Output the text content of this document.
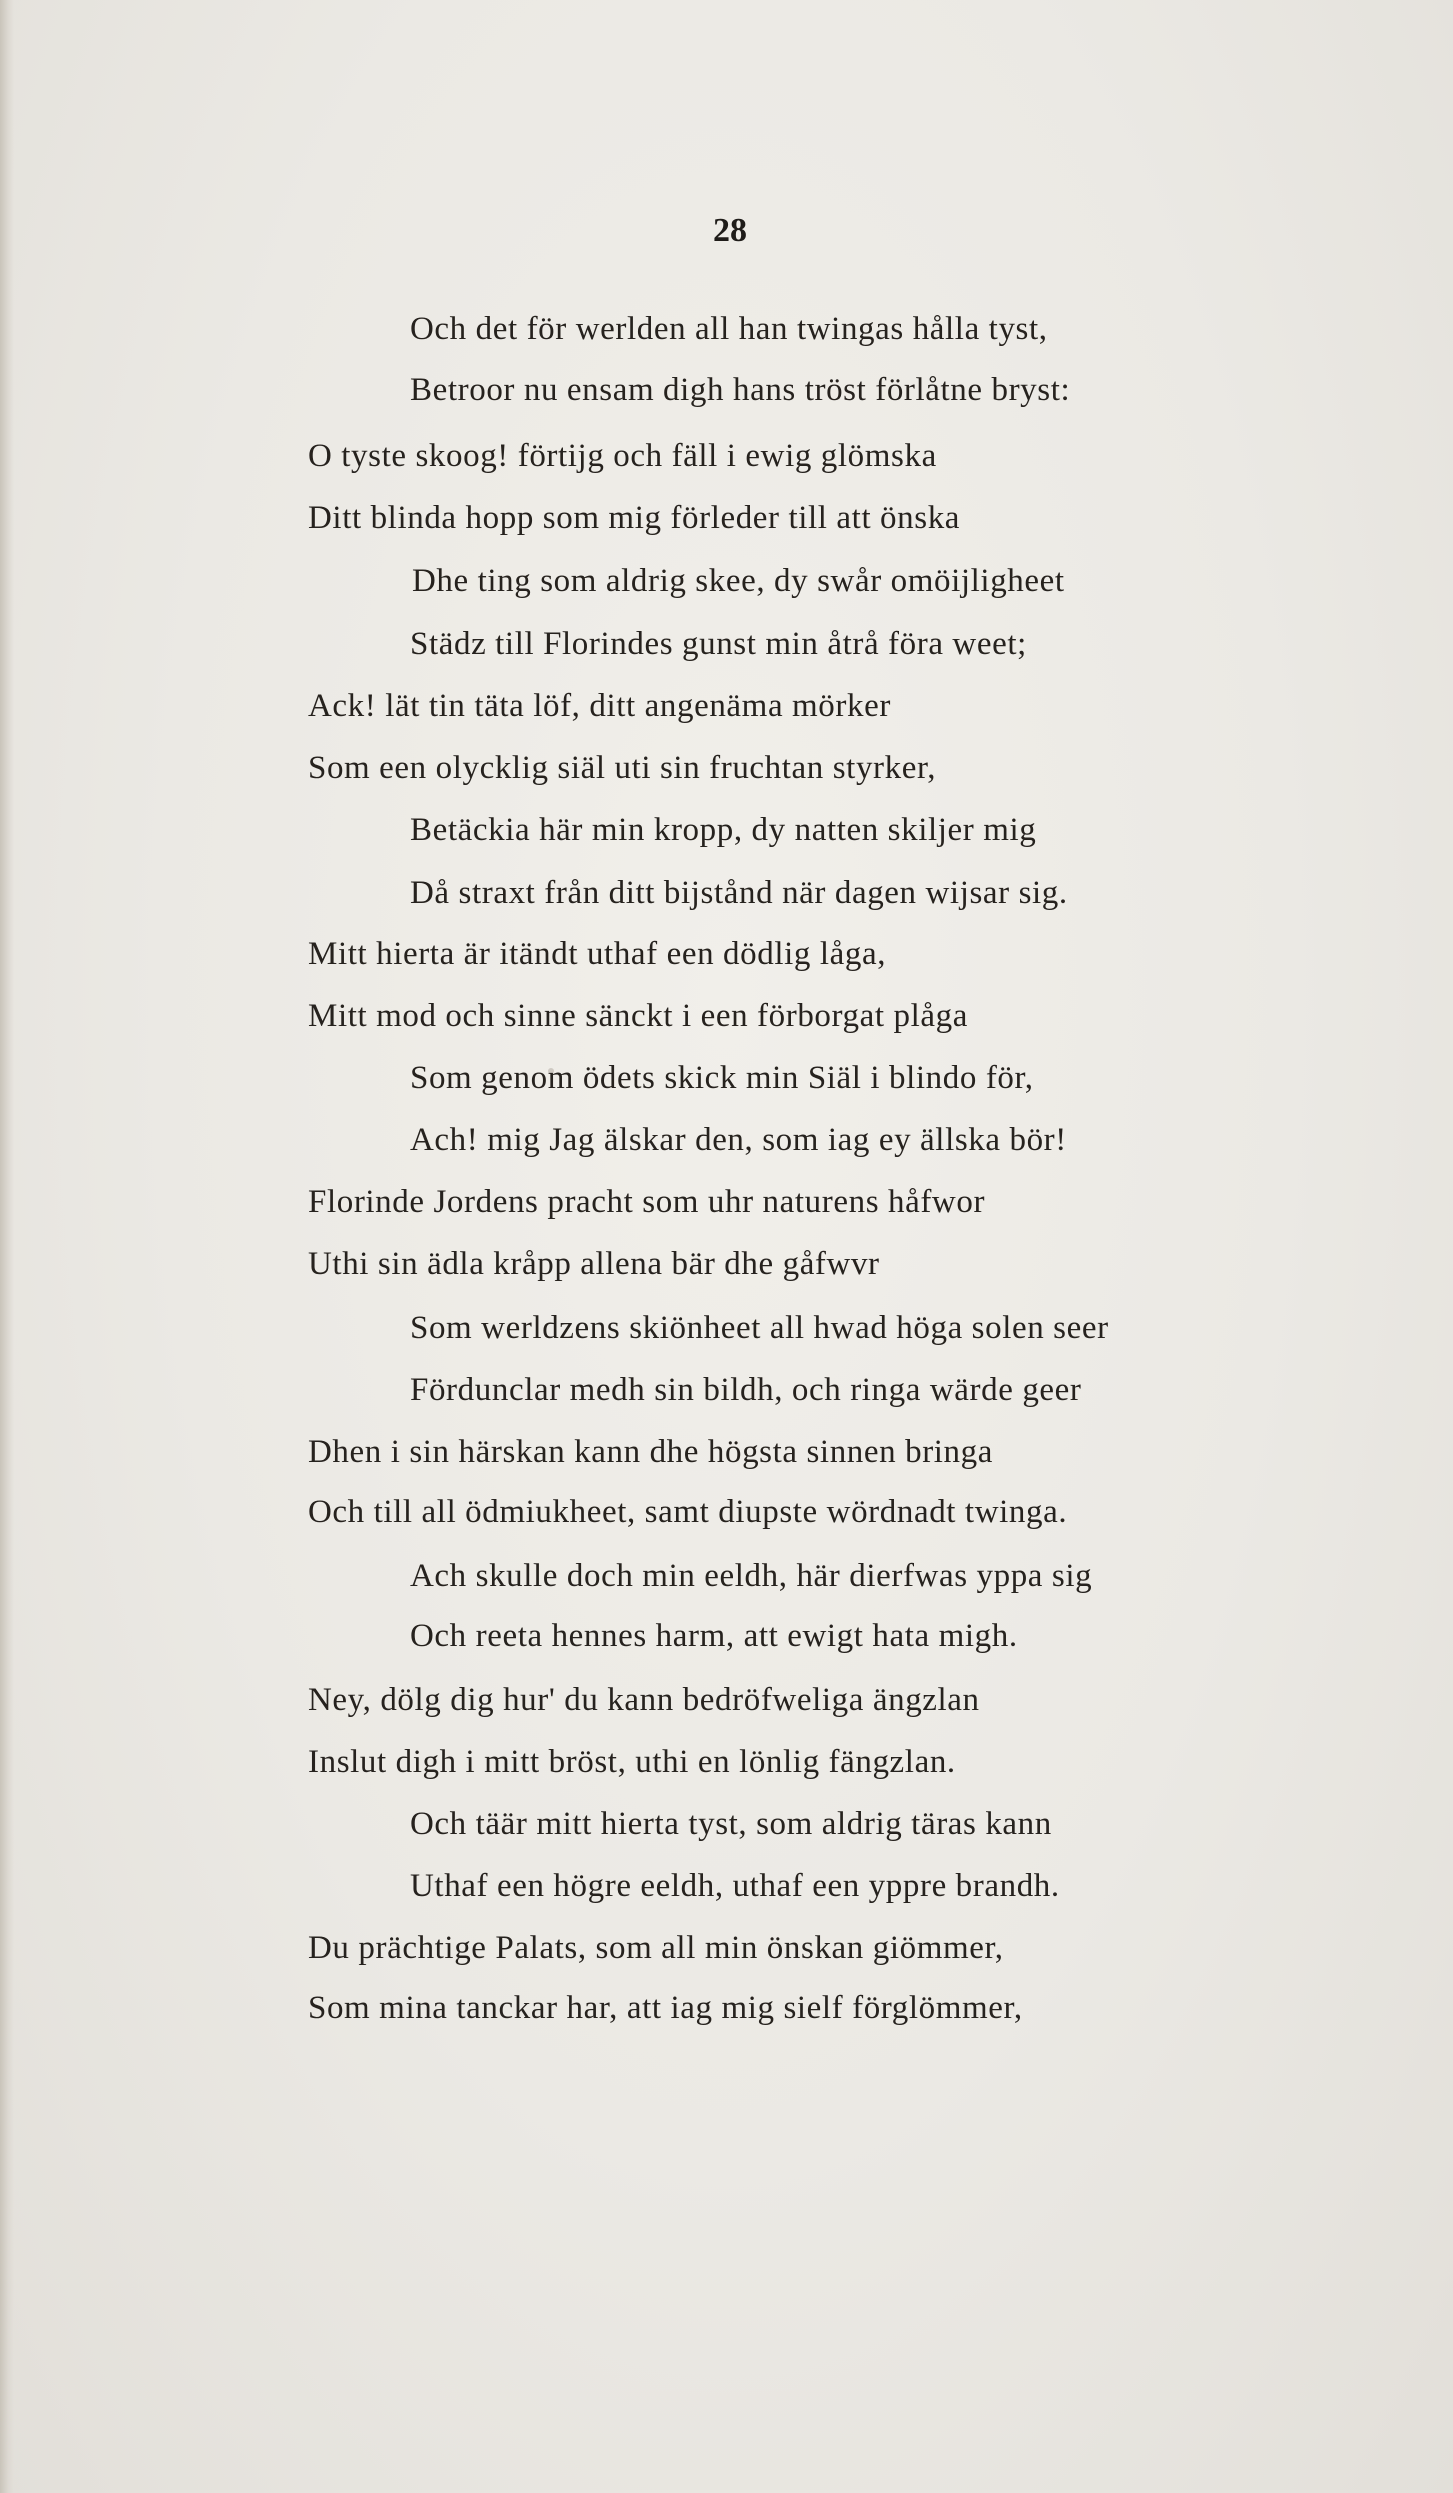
28
Och det för werlden all han twingas hålla tyst,
Betroor nu ensam digh hans tröst förlåtne bryst:
O tyste skoog! förtijg och fäll i ewig glömska
Ditt blinda hopp som mig förleder till att önska
Dhe ting som aldrig skee, dy swår omöijligheet
Städz till Florindes gunst min åtrå föra weet;
Ack! lät tin täta löf, ditt angenäma mörker
Som een olycklig siäl uti sin fruchtan styrker,
Betäckia här min kropp, dy natten skiljer mig
Då straxt från ditt bijstånd när dagen wijsar sig.
Mitt hierta är itändt uthaf een dödlig låga,
Mitt mod och sinne sänckt i een förborgat plåga
Som genom ödets skick min Siäl i blindo för,
Ach! mig Jag älskar den, som iag ey ällska bör!
Florinde Jordens pracht som uhr naturens håfwor
Uthi sin ädla kråpp allena bär dhe gåfwvr
Som werldzens skiönheet all hwad höga solen seer
Fördunclar medh sin bildh, och ringa wärde geer
Dhen i sin härskan kann dhe högsta sinnen bringa
Och till all ödmiukheet, samt diupste wördnadt twinga.
Ach skulle doch min eeldh, här dierfwas yppa sig
Och reeta hennes harm, att ewigt hata migh.
Ney, dölg dig hur' du kann bedröfweliga ängzlan
Inslut digh i mitt bröst, uthi en lönlig fängzlan.
Och täär mitt hierta tyst, som aldrig täras kann
Uthaf een högre eeldh, uthaf een yppre brandh.
Du prächtige Palats, som all min önskan giömmer,
Som mina tanckar har, att iag mig sielf förglömmer,
